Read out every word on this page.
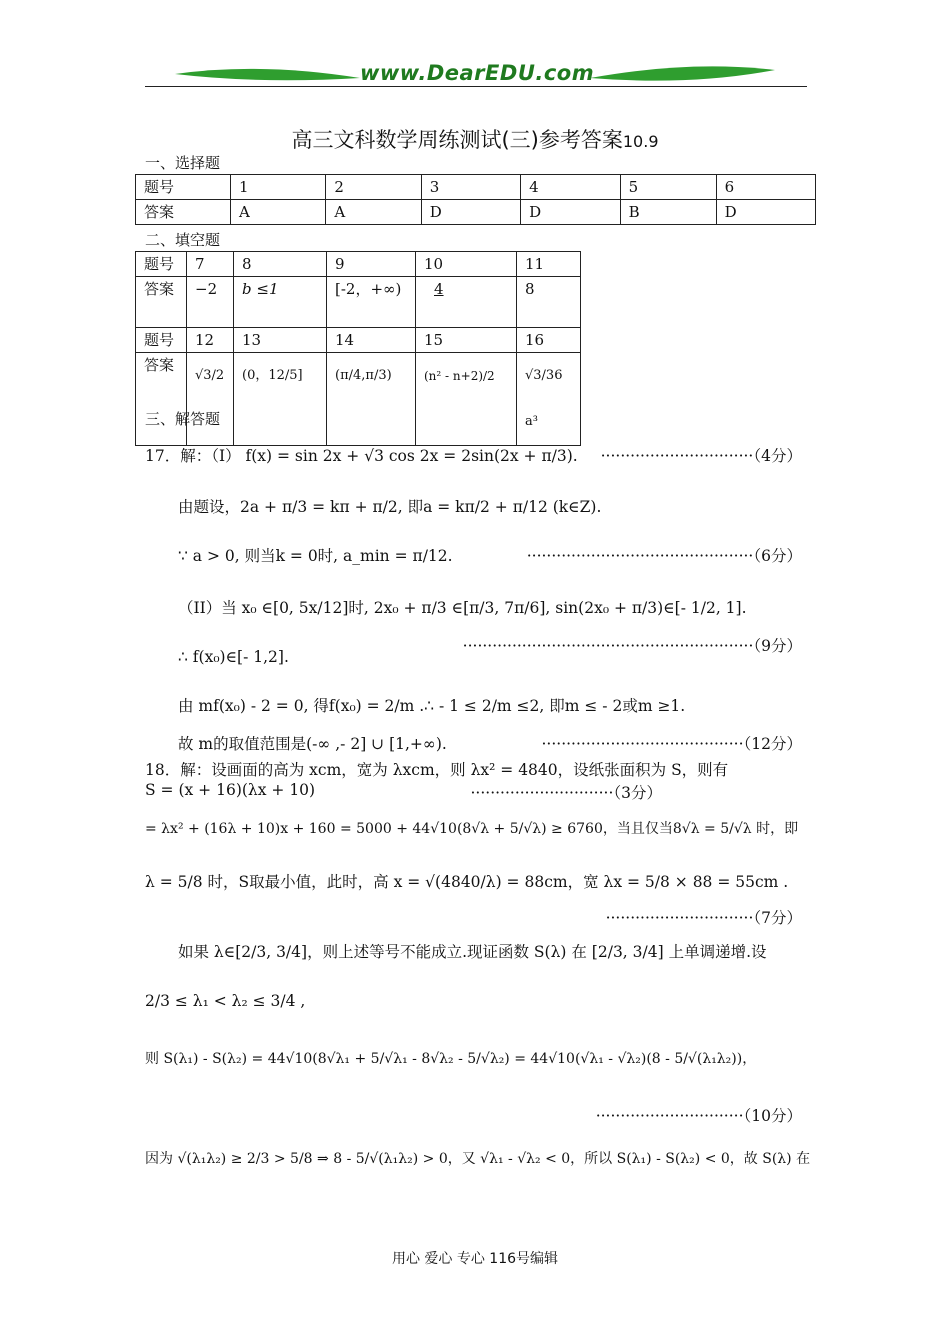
www.DearEDU.com
高三文科数学周练测试(三)参考答案10.9
一、选择题
题号	1	2	3	4	5	6
答案	A	A	D	D	B	D
二、填空题
题号	7	8	9	10	11
答案	−2	b ≤1	[-2，+∞)	4	8
题号	12	13	14	15	16
答案	√3/2	(0，12/5]	(π/4,π/3)	(n² - n+2)/2	√3/36 a³
三、解答题
17．解：（I） f(x) = sin 2x + √3 cos 2x = 2sin(2x + π/3).	·······························（4分）
由题设，2a + π/3 = kπ + π/2, 即a = kπ/2 + π/12 (k∈Z).
∵ a > 0, 则当k = 0时, a_min = π/12.	··············································（6分）
（II）当 x₀ ∈[0, 5x/12]时, 2x₀ + π/3 ∈[π/3, 7π/6], sin(2x₀ + π/3)∈[- 1/2, 1].
∴ f(x₀)∈[- 1,2].
···························································（9分）
由 mf(x₀) - 2 = 0, 得f(x₀) = 2/m .∴ - 1 ≤ 2/m ≤2, 即m ≤ - 2或m ≥1.
故 m的取值范围是(-∞ ,- 2] ∪ [1,+∞).	·········································（12分）
18．解：设画面的高为 xcm，宽为 λxcm，则 λx² = 4840，设纸张面积为 S，则有
S = (x + 16)(λx + 10)	·····························（3分）
= λx² + (16λ + 10)x + 160 = 5000 + 44√10(8√λ + 5/√λ) ≥ 6760，当且仅当8√λ = 5/√λ 时，即
λ = 5/8 时，S取最小值，此时，高 x = √(4840/λ) = 88cm，宽 λx = 5/8 × 88 = 55cm .
······························（7分）
如果 λ∈[2/3, 3/4]，则上述等号不能成立.现证函数 S(λ) 在 [2/3, 3/4] 上单调递增.设
2/3 ≤ λ₁ < λ₂ ≤ 3/4 ,
则 S(λ₁) - S(λ₂) = 44√10(8√λ₁ + 5/√λ₁ - 8√λ₂ - 5/√λ₂) = 44√10(√λ₁ - √λ₂)(8 - 5/√(λ₁λ₂))，
······························（10分）
因为 √(λ₁λ₂) ≥ 2/3 > 5/8 ⇒ 8 - 5/√(λ₁λ₂) > 0，又 √λ₁ - √λ₂ < 0，所以 S(λ₁) - S(λ₂) < 0，故 S(λ) 在
用心 爱心 专心 116号编辑
